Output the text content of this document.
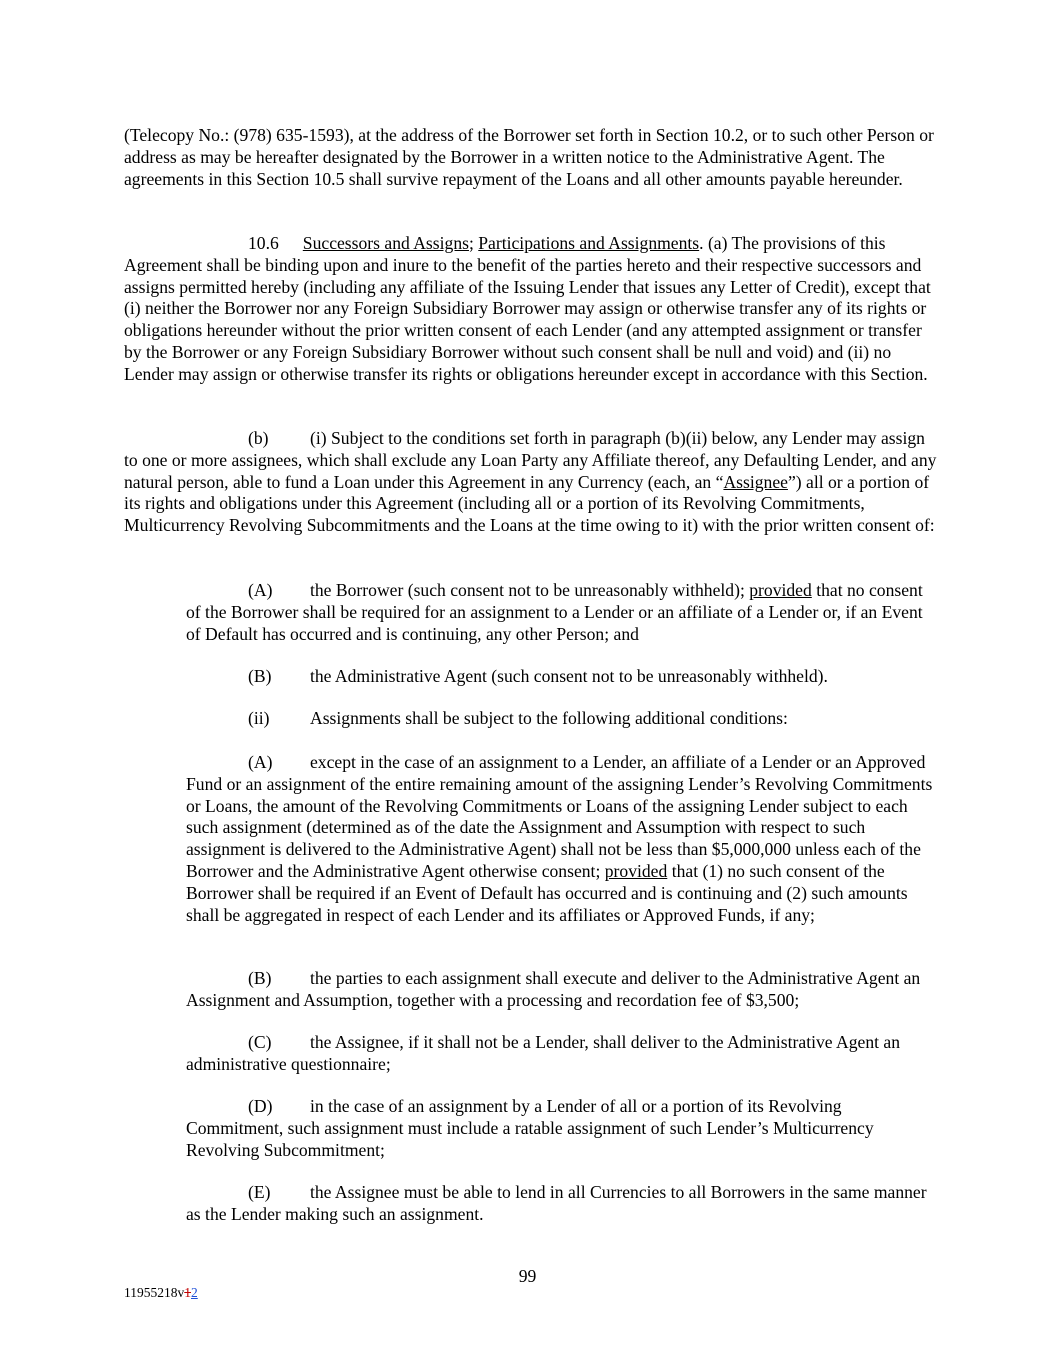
(Telecopy No.: (978) 635-1593), at the address of the Borrower set forth in Section 10.2, or to such other Person or address as may be hereafter designated by the Borrower in a written notice to the Administrative Agent. The agreements in this Section 10.5 shall survive repayment of the Loans and all other amounts payable hereunder.

10.6 Successors and Assigns; Participations and Assignments. (a) The provisions of this Agreement shall be binding upon and inure to the benefit of the parties hereto and their respective successors and assigns permitted hereby (including any affiliate of the Issuing Lender that issues any Letter of Credit), except that (i) neither the Borrower nor any Foreign Subsidiary Borrower may assign or otherwise transfer any of its rights or obligations hereunder without the prior written consent of each Lender (and any attempted assignment or transfer by the Borrower or any Foreign Subsidiary Borrower without such consent shall be null and void) and (ii) no Lender may assign or otherwise transfer its rights or obligations hereunder except in accordance with this Section.

(b) (i) Subject to the conditions set forth in paragraph (b)(ii) below, any Lender may assign to one or more assignees, which shall exclude any Loan Party any Affiliate thereof, any Defaulting Lender, and any natural person, able to fund a Loan under this Agreement in any Currency (each, an “Assignee”) all or a portion of its rights and obligations under this Agreement (including all or a portion of its Revolving Commitments, Multicurrency Revolving Subcommitments and the Loans at the time owing to it) with the prior written consent of:

(A) the Borrower (such consent not to be unreasonably withheld); provided that no consent of the Borrower shall be required for an assignment to a Lender or an affiliate of a Lender or, if an Event of Default has occurred and is continuing, any other Person; and

(B) the Administrative Agent (such consent not to be unreasonably withheld).

(ii) Assignments shall be subject to the following additional conditions:

(A) except in the case of an assignment to a Lender, an affiliate of a Lender or an Approved Fund or an assignment of the entire remaining amount of the assigning Lender’s Revolving Commitments or Loans, the amount of the Revolving Commitments or Loans of the assigning Lender subject to each such assignment (determined as of the date the Assignment and Assumption with respect to such assignment is delivered to the Administrative Agent) shall not be less than $5,000,000 unless each of the Borrower and the Administrative Agent otherwise consent; provided that (1) no such consent of the Borrower shall be required if an Event of Default has occurred and is continuing and (2) such amounts shall be aggregated in respect of each Lender and its affiliates or Approved Funds, if any;

(B) the parties to each assignment shall execute and deliver to the Administrative Agent an Assignment and Assumption, together with a processing and recordation fee of $3,500;

(C) the Assignee, if it shall not be a Lender, shall deliver to the Administrative Agent an administrative questionnaire;

(D) in the case of an assignment by a Lender of all or a portion of its Revolving Commitment, such assignment must include a ratable assignment of such Lender’s Multicurrency Revolving Subcommitment;

(E) the Assignee must be able to lend in all Currencies to all Borrowers in the same manner as the Lender making such an assignment.

99
11955218v12
